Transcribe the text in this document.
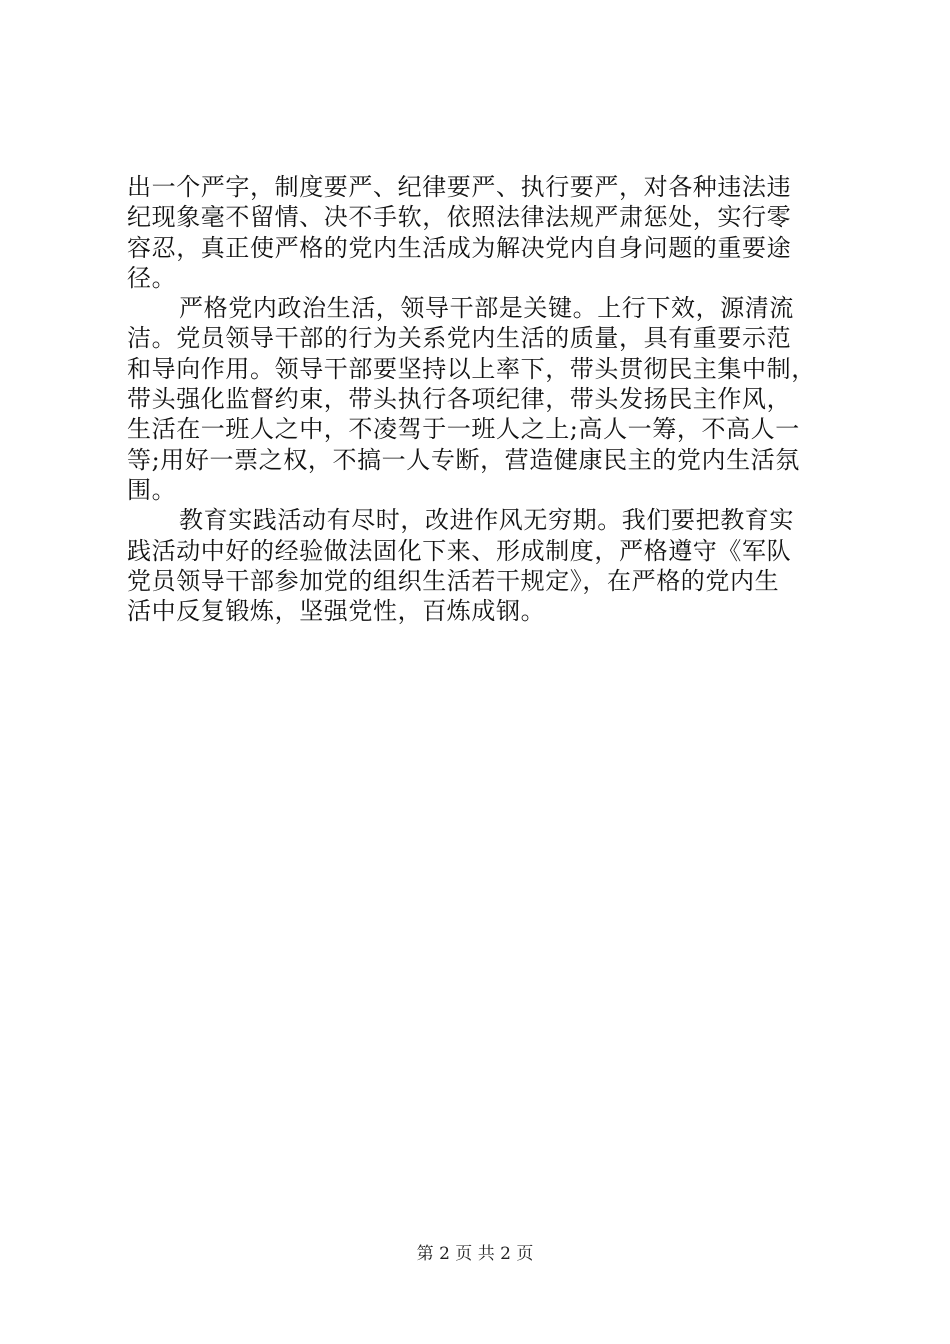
出一个严字，制度要严、纪律要严、执行要严，对各种违法违
纪现象毫不留情、决不手软，依照法律法规严肃惩处，实行零
容忍，真正使严格的党内生活成为解决党内自身问题的重要途
径。
严格党内政治生活，领导干部是关键。上行下效，源清流
洁。党员领导干部的行为关系党内生活的质量，具有重要示范
和导向作用。领导干部要坚持以上率下，带头贯彻民主集中制，
带头强化监督约束，带头执行各项纪律，带头发扬民主作风，
生活在一班人之中，不凌驾于一班人之上;高人一筹，不高人一
等;用好一票之权，不搞一人专断，营造健康民主的党内生活氛
围。
教育实践活动有尽时，改进作风无穷期。我们要把教育实
践活动中好的经验做法固化下来、形成制度，严格遵守《军队
党员领导干部参加党的组织生活若干规定》，在严格的党内生
活中反复锻炼，坚强党性，百炼成钢。
第 2 页 共 2 页
